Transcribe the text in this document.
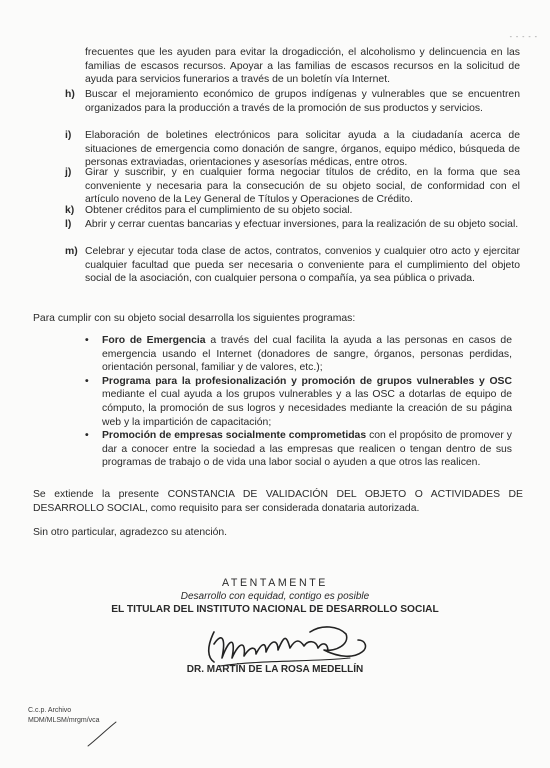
- - - - -
frecuentes que les ayuden para evitar la drogadicción, el alcoholismo y delincuencia en las familias de escasos recursos. Apoyar a las familias de escasos recursos en la solicitud de ayuda para servicios funerarios a través de un boletín vía Internet.
h) Buscar el mejoramiento económico de grupos indígenas y vulnerables que se encuentren organizados para la producción a través de la promoción de sus productos y servicios.
i)	Elaboración de boletines electrónicos para solicitar ayuda a la ciudadanía acerca de situaciones de emergencia como donación de sangre, órganos, equipo médico, búsqueda de personas extraviadas, orientaciones y asesorías médicas, entre otros.
j)	Girar y suscribir, y en cualquier forma negociar títulos de crédito, en la forma que sea conveniente y necesaria para la consecución de su objeto social, de conformidad con el artículo noveno de la Ley General de Títulos y Operaciones de Crédito.
k)	Obtener créditos para el cumplimiento de su objeto social.
l)	Abrir y cerrar cuentas bancarias y efectuar inversiones, para la realización de su objeto social.
m) Celebrar y ejecutar toda clase de actos, contratos, convenios y cualquier otro acto y ejercitar cualquier facultad que pueda ser necesaria o conveniente para el cumplimiento del objeto social de la asociación, con cualquier persona o compañía, ya sea pública o privada.
Para cumplir con su objeto social desarrolla los siguientes programas:
• Foro de Emergencia a través del cual facilita la ayuda a las personas en casos de emergencia usando el Internet (donadores de sangre, órganos, personas perdidas, orientación personal, familiar y de valores, etc.);
• Programa para la profesionalización y promoción de grupos vulnerables y OSC mediante el cual ayuda a los grupos vulnerables y a las OSC a dotarlas de equipo de cómputo, la promoción de sus logros y necesidades mediante la creación de su página web y la impartición de capacitación;
• Promoción de empresas socialmente comprometidas con el propósito de promover y dar a conocer entre la sociedad a las empresas que realicen o tengan dentro de sus programas de trabajo o de vida una labor social o ayuden a que otros las realicen.
Se extiende la presente CONSTANCIA DE VALIDACIÓN DEL OBJETO O ACTIVIDADES DE DESARROLLO SOCIAL, como requisito para ser considerada donataria autorizada.
Sin otro particular, agradezco su atención.
ATENTAMENTE
Desarrollo con equidad, contigo es posible
EL TITULAR DEL INSTITUTO NACIONAL DE DESARROLLO SOCIAL
DR. MARTÍN DE LA ROSA MEDELLÍN
C.c.p. Archivo
MDM/MLSM/mrgm/vca
